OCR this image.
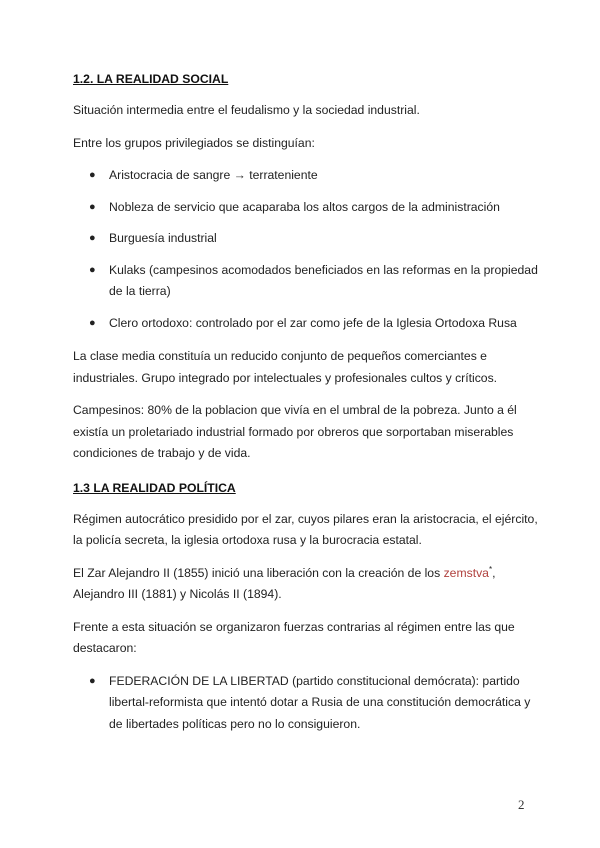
1.2. LA REALIDAD SOCIAL

Situación intermedia entre el feudalismo y la sociedad industrial.

Entre los grupos privilegiados se distinguían:

● Aristocracia de sangre → terrateniente
● Nobleza de servicio que acaparaba los altos cargos de la administración
● Burguesía industrial
● Kulaks (campesinos acomodados beneficiados en las reformas en la propiedad de la tierra)
● Clero ortodoxo: controlado por el zar como jefe de la Iglesia Ortodoxa Rusa

La clase media constituía un reducido conjunto de pequeños comerciantes e industriales. Grupo integrado por intelectuales y profesionales cultos y críticos.

Campesinos: 80% de la poblacion que vivía en el umbral de la pobreza. Junto a él existía un proletariado industrial formado por obreros que sorportaban miserables condiciones de trabajo y de vida.

1.3 LA REALIDAD POLÍTICA

Régimen autocrático presidido por el zar, cuyos pilares eran la aristocracia, el ejército, la policía secreta, la iglesia ortodoxa rusa y la burocracia estatal.

El Zar Alejandro II (1855) inició una liberación con la creación de los zemstva*, Alejandro III (1881) y Nicolás II (1894).

Frente a esta situación se organizaron fuerzas contrarias al régimen entre las que destacaron:

● FEDERACIÓN DE LA LIBERTAD (partido constitucional demócrata): partido libertal-reformista que intentó dotar a Rusia de una constitución democrática y de libertades políticas pero no lo consiguieron.
2
